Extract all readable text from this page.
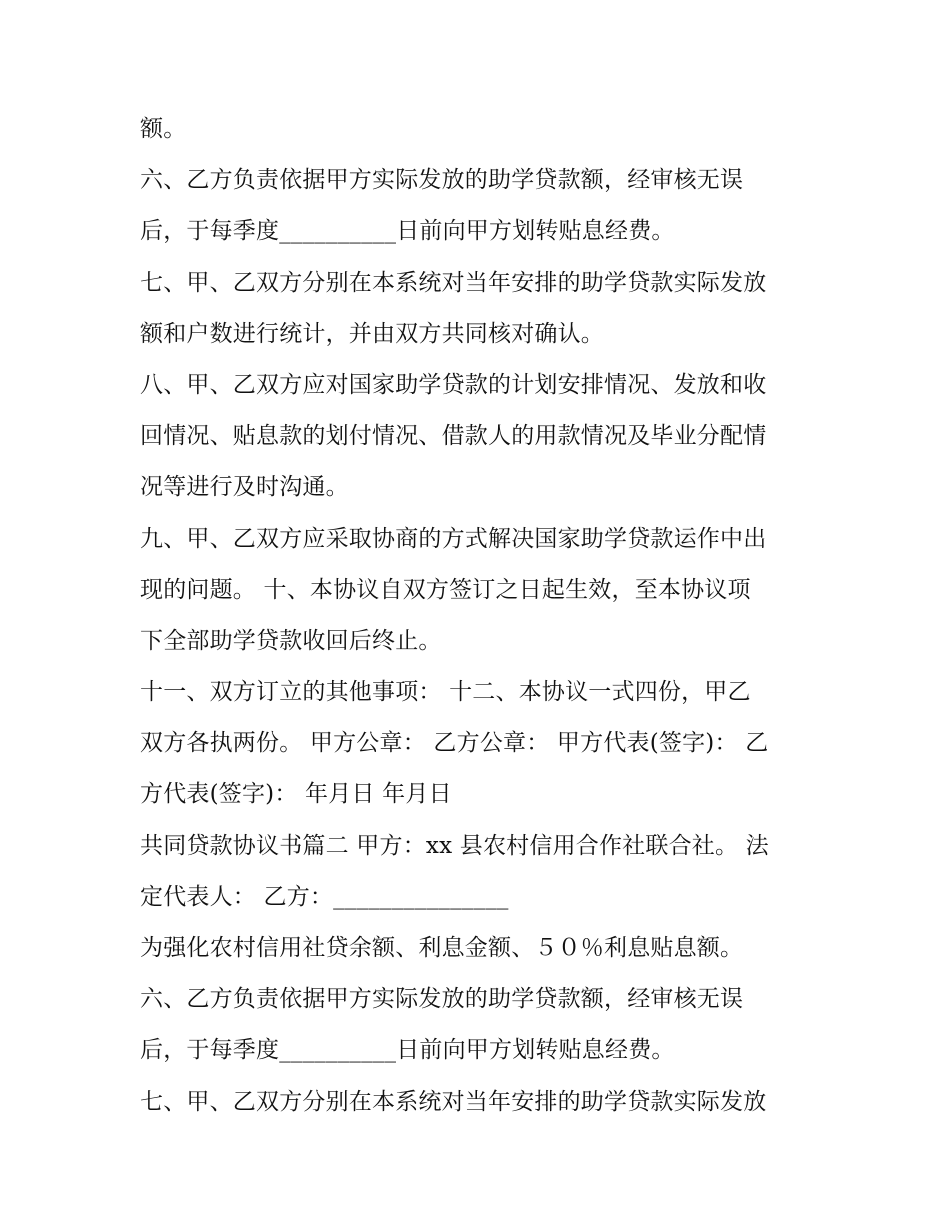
额。
六、乙方负责依据甲方实际发放的助学贷款额，经审核无误
后，于每季度__________日前向甲方划转贴息经费。
七、甲、乙双方分别在本系统对当年安排的助学贷款实际发放
额和户数进行统计，并由双方共同核对确认。
八、甲、乙双方应对国家助学贷款的计划安排情况、发放和收
回情况、贴息款的划付情况、借款人的用款情况及毕业分配情
况等进行及时沟通。
九、甲、乙双方应采取协商的方式解决国家助学贷款运作中出
现的问题。 十、本协议自双方签订之日起生效，至本协议项
下全部助学贷款收回后终止。
十一、双方订立的其他事项： 十二、本协议一式四份，甲乙
双方各执两份。 甲方公章： 乙方公章： 甲方代表(签字)： 乙
方代表(签字)： 年月日 年月日
共同贷款协议书篇二 甲方：xx 县农村信用合作社联合社。 法
定代表人： 乙方：_______________
为强化农村信用社贷余额、利息金额、５０％利息贴息额。
六、乙方负责依据甲方实际发放的助学贷款额，经审核无误
后，于每季度__________日前向甲方划转贴息经费。
七、甲、乙双方分别在本系统对当年安排的助学贷款实际发放
